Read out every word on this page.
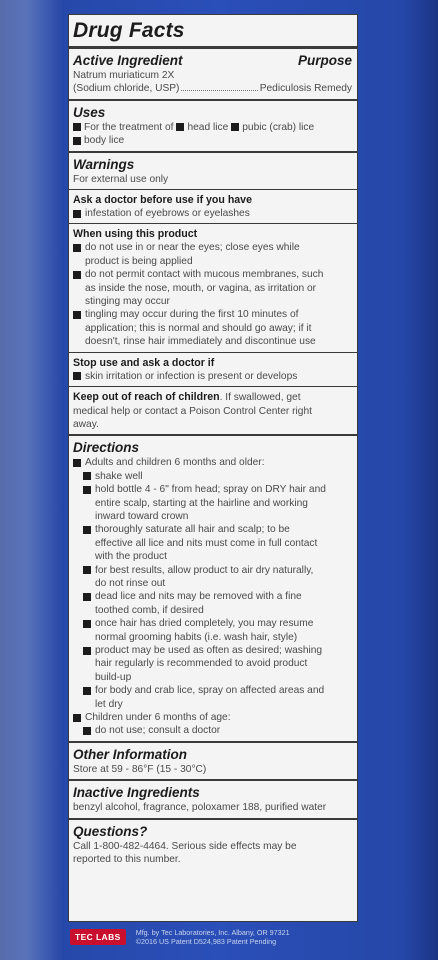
Drug Facts
Active Ingredient	Purpose
Natrum muriaticum 2X
(Sodium chloride, USP)	Pediculosis Remedy
Uses
For the treatment of head lice pubic (crab) lice
body lice
Warnings
For external use only
Ask a doctor before use if you have
infestation of eyebrows or eyelashes
When using this product
do not use in or near the eyes; close eyes while
product is being applied
do not permit contact with mucous membranes, such
as inside the nose, mouth, or vagina, as irritation or
stinging may occur
tingling may occur during the first 10 minutes of
application; this is normal and should go away; if it
doesn't, rinse hair immediately and discontinue use
Stop use and ask a doctor if
skin irritation or infection is present or develops
Keep out of reach of children. If swallowed, get
medical help or contact a Poison Control Center right
away.
Directions
Adults and children 6 months and older:
shake well
hold bottle 4 - 6" from head; spray on DRY hair and
entire scalp, starting at the hairline and working
inward toward crown
thoroughly saturate all hair and scalp; to be
effective all lice and nits must come in full contact
with the product
for best results, allow product to air dry naturally,
do not rinse out
dead lice and nits may be removed with a fine
toothed comb, if desired
once hair has dried completely, you may resume
normal grooming habits (i.e. wash hair, style)
product may be used as often as desired; washing
hair regularly is recommended to avoid product
build-up
for body and crab lice, spray on affected areas and
let dry
Children under 6 months of age:
do not use; consult a doctor
Other Information
Store at 59 - 86°F (15 - 30°C)
Inactive Ingredients
benzyl alcohol, fragrance, poloxamer 188, purified water
Questions?
Call 1-800-482-4464. Serious side effects may be
reported to this number.
TEC LABS	Mfg. by Tec Laboratories, Inc. Albany, OR 97321
©2016 US Patent D524,983 Patent Pending
